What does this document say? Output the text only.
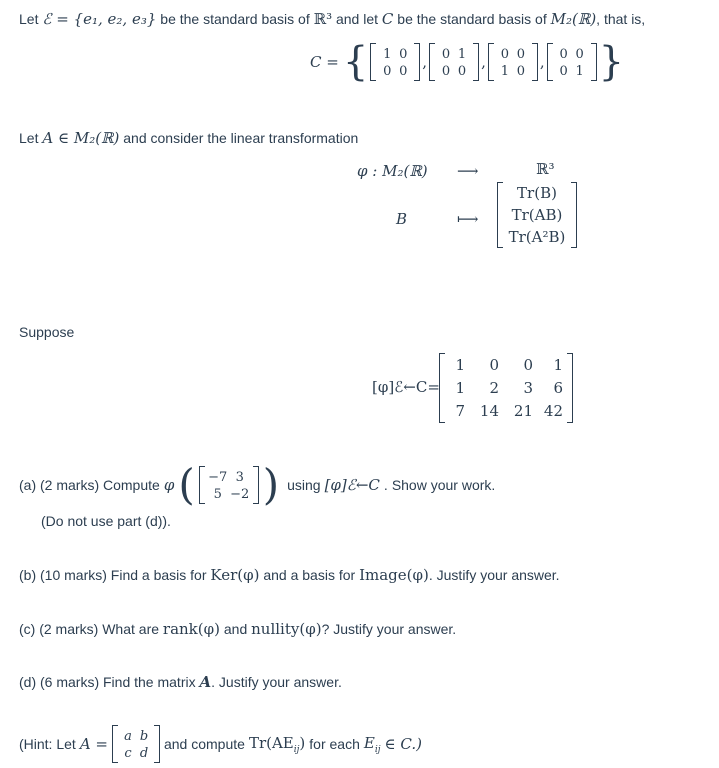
Let ℰ = {e₁, e₂, e₃} be the standard basis of ℝ³ and let C be the standard basis of M₂(ℝ), that is,
C = { 1 0
0 0
, 0 1
0 0
, 0 0
1 0
, 0 0
0 1 }
Let A ∈ M₂(ℝ) and consider the linear transformation
φ : M₂(ℝ) ⟶	ℝ³
B	⟼
Tr(B)
Tr(AB)
Tr(A²B)
Suppose
[φ]ℰ←C=
1	0	0	1
1	2	3	6
7 14 21 42
(a) (2 marks) Compute φ ( −7 3
5 −2 ) using [φ]ℰ←C . Show your work.
(Do not use part (d)).
(b) (10 marks) Find a basis for Ker(φ) and a basis for Image(φ). Justify your answer.
(c) (2 marks) What are rank(φ) and nullity(φ)? Justify your answer.
(d) (6 marks) Find the matrix A. Justify your answer.
(Hint: Let A =	a b
c d
and compute $Tr(AE_{ij})$ for each $E_{ij}$ ∈ C.)
